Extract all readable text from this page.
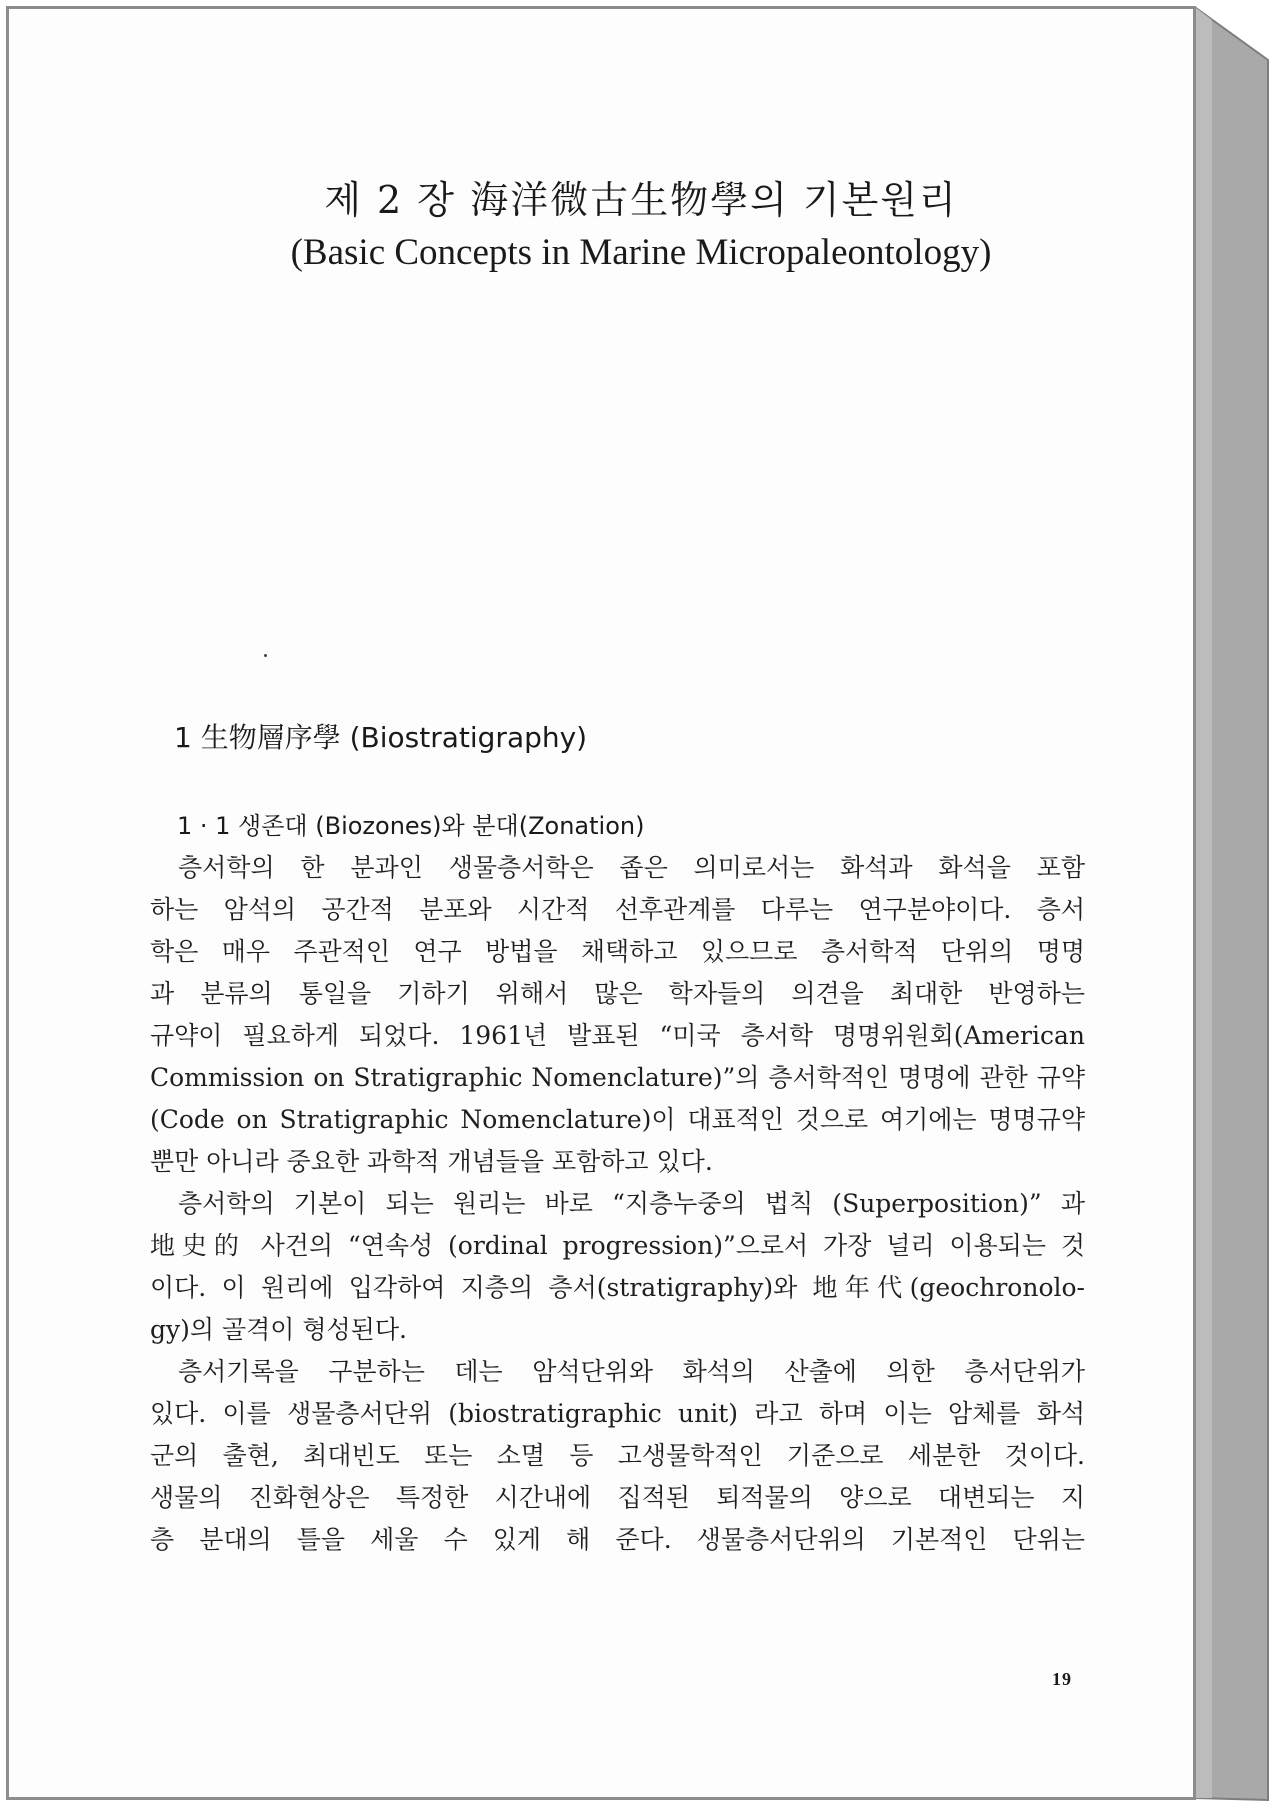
제 2 장 海洋微古生物學의 기본원리
(Basic Concepts in Marine Micropaleontology)
1 生物層序學 (Biostratigraphy)
1 · 1 생존대 (Biozones)와 분대(Zonation)
층서학의 한 분과인 생물층서학은 좁은 의미로서는 화석과 화석을 포함
하는 암석의 공간적 분포와 시간적 선후관계를 다루는 연구분야이다. 층서
학은 매우 주관적인 연구 방법을 채택하고 있으므로 층서학적 단위의 명명
과 분류의 통일을 기하기 위해서 많은 학자들의 의견을 최대한 반영하는
규약이 필요하게 되었다. 1961년 발표된 “미국 층서학 명명위원회(American
Commission on Stratigraphic Nomenclature)”의 층서학적인 명명에 관한 규약
(Code on Stratigraphic Nomenclature)이 대표적인 것으로 여기에는 명명규약
뿐만 아니라 중요한 과학적 개념들을 포함하고 있다.
층서학의 기본이 되는 원리는 바로 “지층누중의 법칙 (Superposition)” 과
地史的 사건의 “연속성 (ordinal progression)”으로서 가장 널리 이용되는 것
이다. 이 원리에 입각하여 지층의 층서(stratigraphy)와 地年代(geochronolo-
gy)의 골격이 형성된다.
층서기록을 구분하는 데는 암석단위와 화석의 산출에 의한 층서단위가
있다. 이를 생물층서단위 (biostratigraphic unit) 라고 하며 이는 암체를 화석
군의 출현, 최대빈도 또는 소멸 등 고생물학적인 기준으로 세분한 것이다.
생물의 진화현상은 특정한 시간내에 집적된 퇴적물의 양으로 대변되는 지
층 분대의 틀을 세울 수 있게 해 준다. 생물층서단위의 기본적인 단위는
19
